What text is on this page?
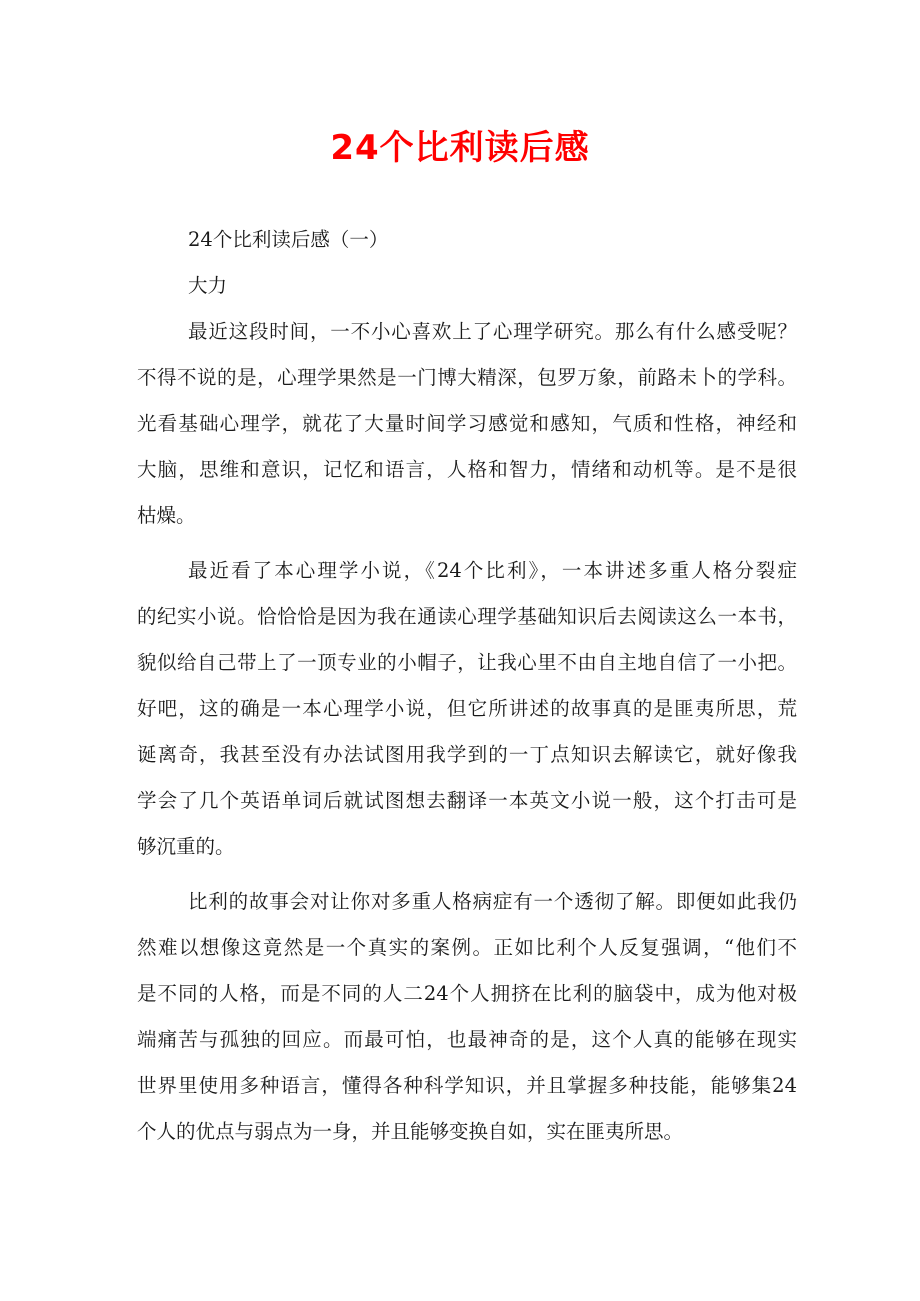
24个比利读后感
24个比利读后感（一）
大力
最近这段时间，一不小心喜欢上了心理学研究。那么有什么感受呢？
不得不说的是，心理学果然是一门博大精深，包罗万象，前路未卜的学科。
光看基础心理学，就花了大量时间学习感觉和感知，气质和性格，神经和
大脑，思维和意识，记忆和语言，人格和智力，情绪和动机等。是不是很
枯燥。
最近看了本心理学小说，《24个比利》，一本讲述多重人格分裂症
的纪实小说。恰恰恰是因为我在通读心理学基础知识后去阅读这么一本书，
貌似给自己带上了一顶专业的小帽子，让我心里不由自主地自信了一小把。
好吧，这的确是一本心理学小说，但它所讲述的故事真的是匪夷所思，荒
诞离奇，我甚至没有办法试图用我学到的一丁点知识去解读它，就好像我
学会了几个英语单词后就试图想去翻译一本英文小说一般，这个打击可是
够沉重的。
比利的故事会对让你对多重人格病症有一个透彻了解。即便如此我仍
然难以想像这竟然是一个真实的案例。正如比利个人反复强调，“他们不
是不同的人格，而是不同的人二24个人拥挤在比利的脑袋中，成为他对极
端痛苦与孤独的回应。而最可怕，也最神奇的是，这个人真的能够在现实
世界里使用多种语言，懂得各种科学知识，并且掌握多种技能，能够集24
个人的优点与弱点为一身，并且能够变换自如，实在匪夷所思。
